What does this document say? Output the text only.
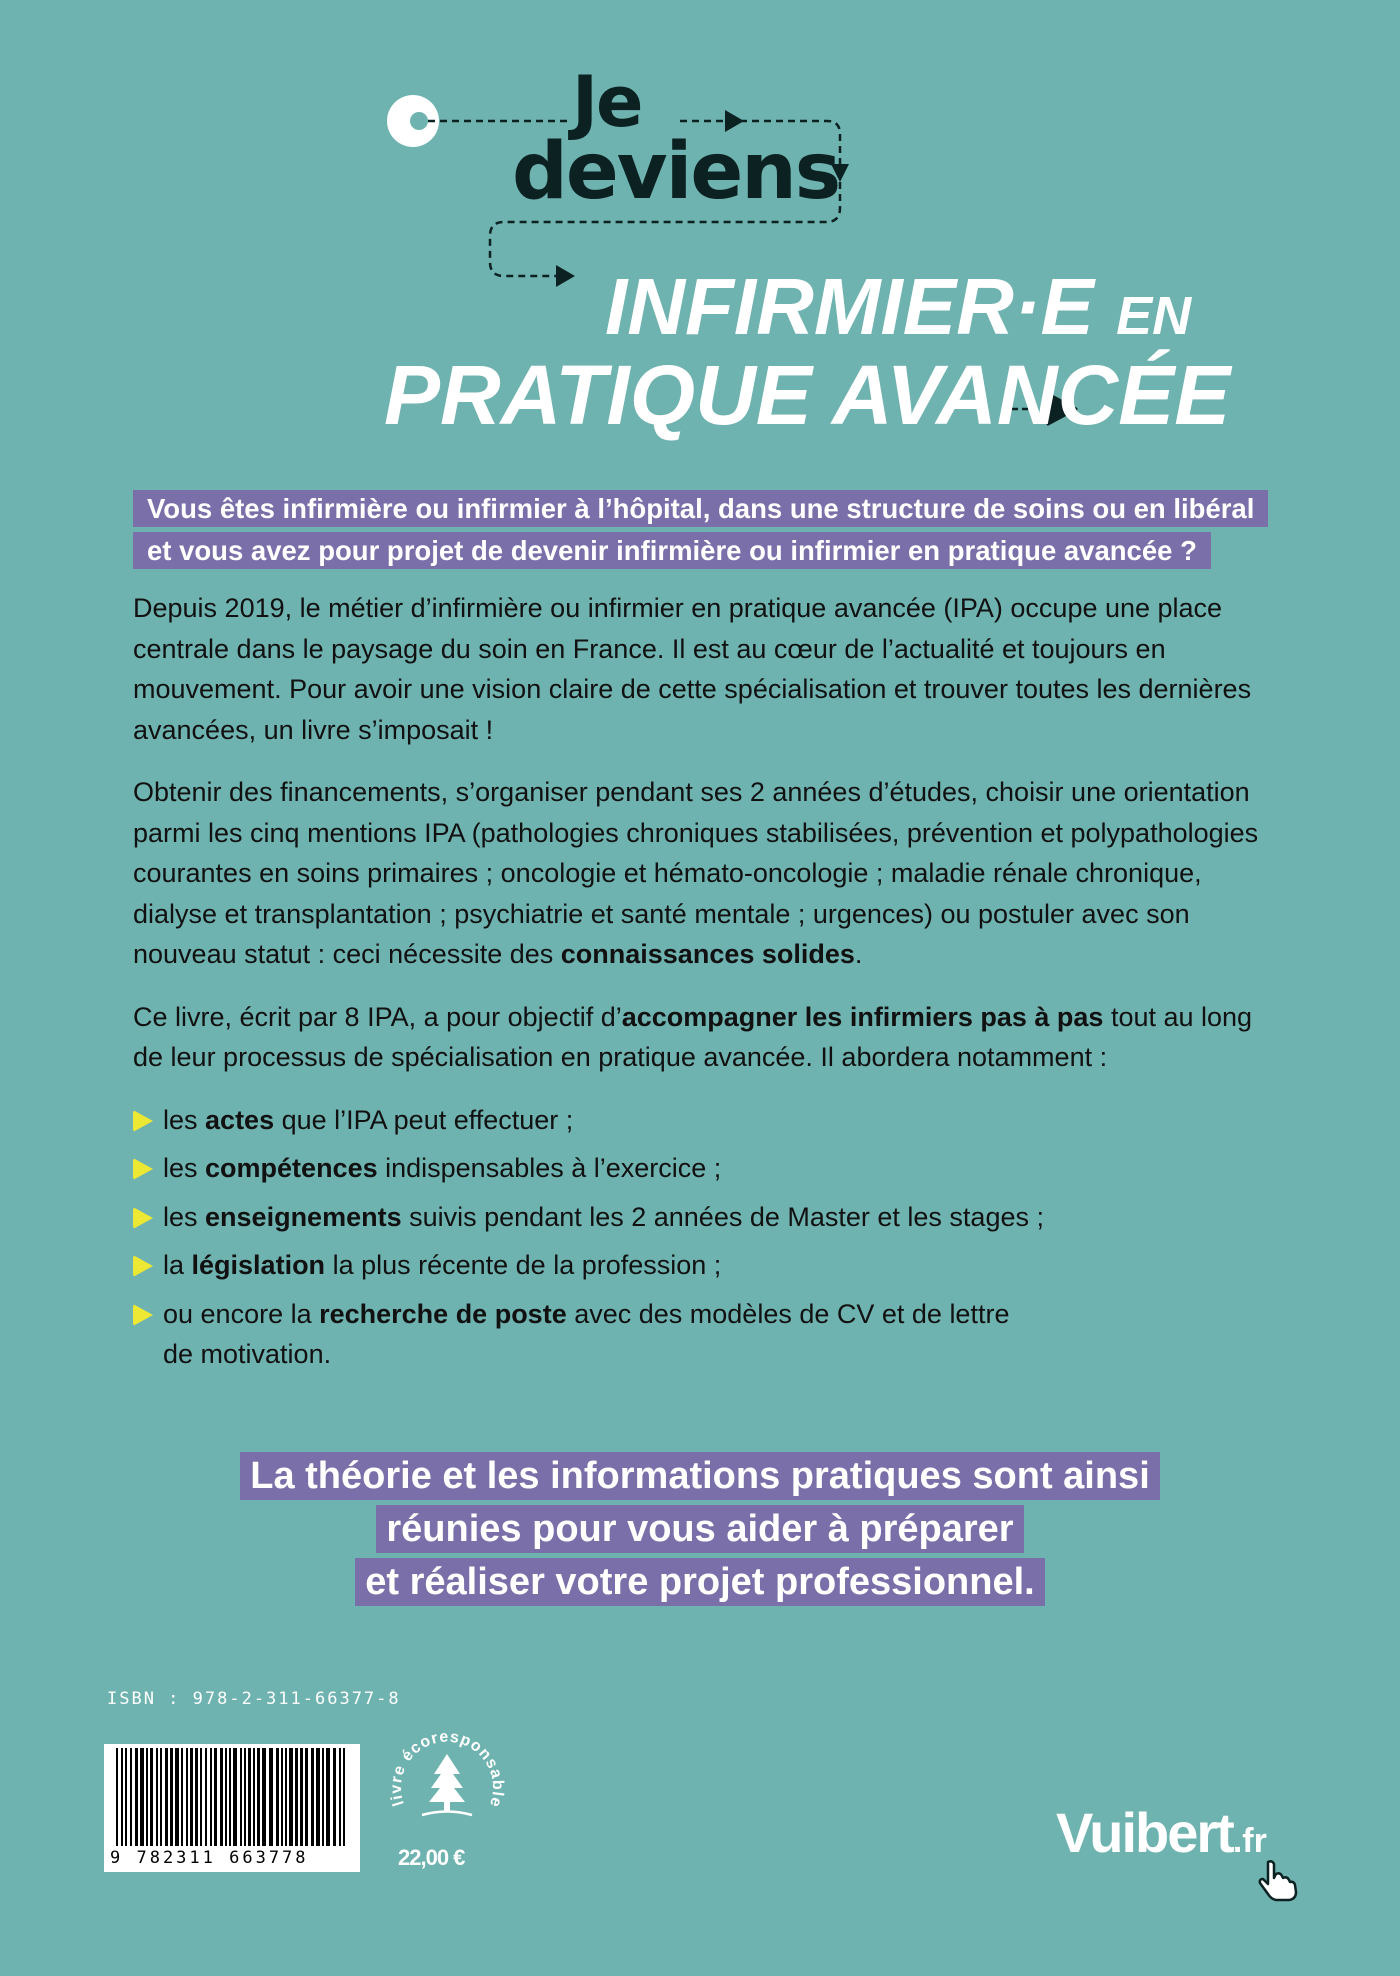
Je
deviens
INFIRMIER·E EN
PRATIQUE AVANCÉE
Vous êtes infirmière ou infirmier à l’hôpital, dans une structure de soins ou en libéral et vous avez pour projet de devenir infirmière ou infirmier en pratique avancée ?

Depuis 2019, le métier d’infirmière ou infirmier en pratique avancée (IPA) occupe une place centrale dans le paysage du soin en France. Il est au cœur de l’actualité et toujours en mouvement. Pour avoir une vision claire de cette spécialisation et trouver toutes les dernières avancées, un livre s’imposait !

Obtenir des financements, s’organiser pendant ses 2 années d’études, choisir une orientation parmi les cinq mentions IPA (pathologies chroniques stabilisées, prévention et polypathologies courantes en soins primaires ; oncologie et hémato-oncologie ; maladie rénale chronique, dialyse et transplantation ; psychiatrie et santé mentale ; urgences) ou postuler avec son nouveau statut : ceci nécessite des connaissances solides.

Ce livre, écrit par 8 IPA, a pour objectif d’accompagner les infirmiers pas à pas tout au long de leur processus de spécialisation en pratique avancée. Il abordera notamment :

les actes que l’IPA peut effectuer ;
les compétences indispensables à l’exercice ;
les enseignements suivis pendant les 2 années de Master et les stages ;
la législation la plus récente de la profession ;
ou encore la recherche de poste avec des modèles de CV et de lettre de motivation.
La théorie et les informations pratiques sont ainsi
réunies pour vous aider à préparer
et réaliser votre projet professionnel.
ISBN : 978-2-311-66377-8
9 782311 663778
livre écoresponsable
22,00 €	Vuibert.fr
